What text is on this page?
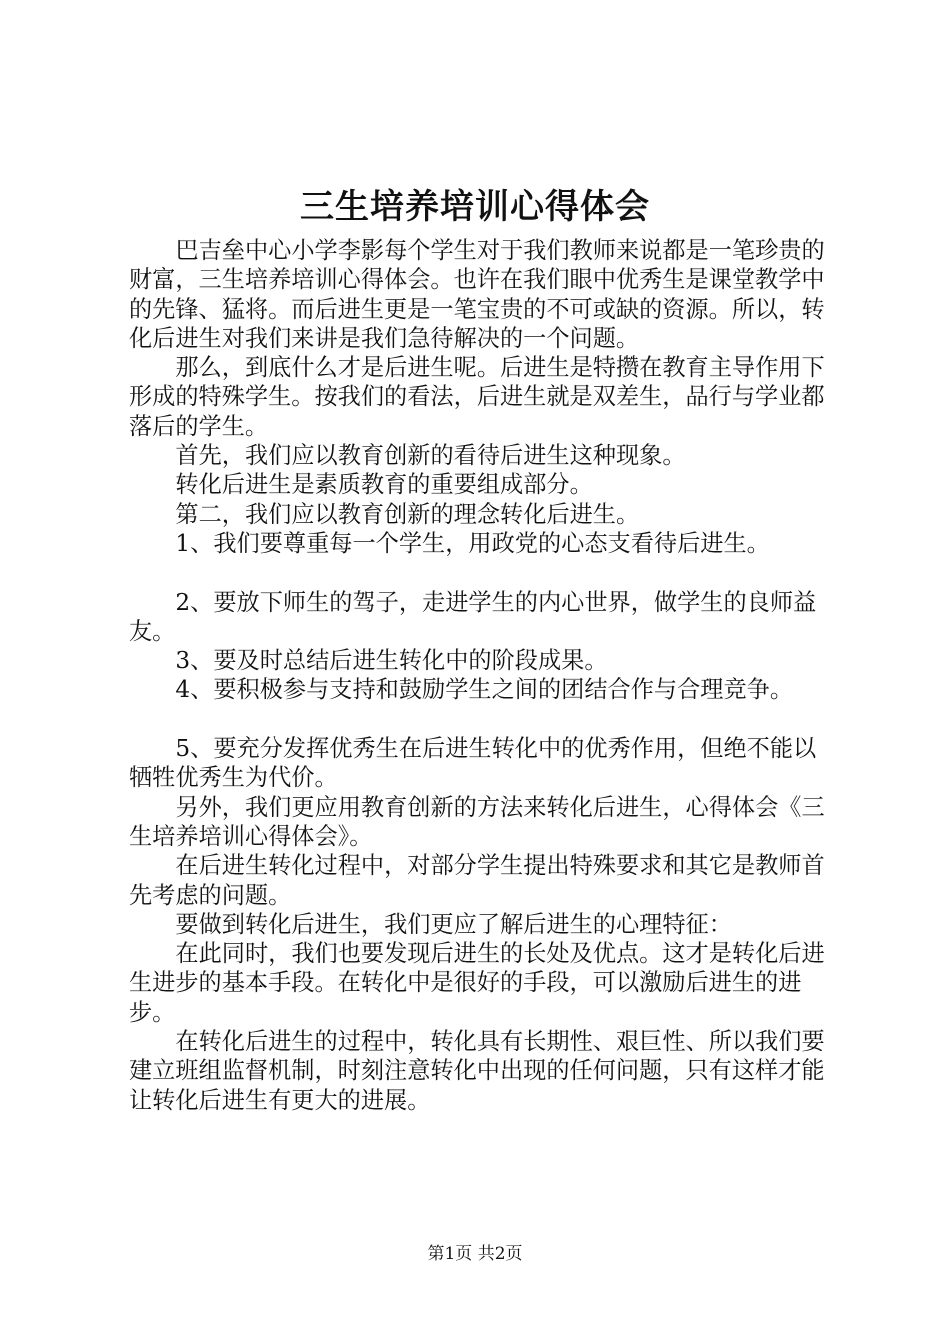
三生培养培训心得体会

巴吉垒中心小学李影每个学生对于我们教师来说都是一笔珍贵的财富，三生培养培训心得体会。也许在我们眼中优秀生是课堂教学中的先锋、猛将。而后进生更是一笔宝贵的不可或缺的资源。所以，转化后进生对我们来讲是我们急待解决的一个问题。

那么，到底什么才是后进生呢。后进生是特攒在教育主导作用下形成的特殊学生。按我们的看法，后进生就是双差生，品行与学业都落后的学生。

首先，我们应以教育创新的看待后进生这种现象。

转化后进生是素质教育的重要组成部分。

第二，我们应以教育创新的理念转化后进生。

1、我们要尊重每一个学生，用政党的心态支看待后进生。

2、要放下师生的驾子，走进学生的内心世界，做学生的良师益友。

3、要及时总结后进生转化中的阶段成果。

4、要积极参与支持和鼓励学生之间的团结合作与合理竞争。

5、要充分发挥优秀生在后进生转化中的优秀作用，但绝不能以牺牲优秀生为代价。

另外，我们更应用教育创新的方法来转化后进生，心得体会《三生培养培训心得体会》。

在后进生转化过程中，对部分学生提出特殊要求和其它是教师首先考虑的问题。

要做到转化后进生，我们更应了解后进生的心理特征：

在此同时，我们也要发现后进生的长处及优点。这才是转化后进生进步的基本手段。在转化中是很好的手段，可以激励后进生的进步。

在转化后进生的过程中，转化具有长期性、艰巨性、所以我们要建立班组监督机制，时刻注意转化中出现的任何问题，只有这样才能让转化后进生有更大的进展。

第1页 共2页
